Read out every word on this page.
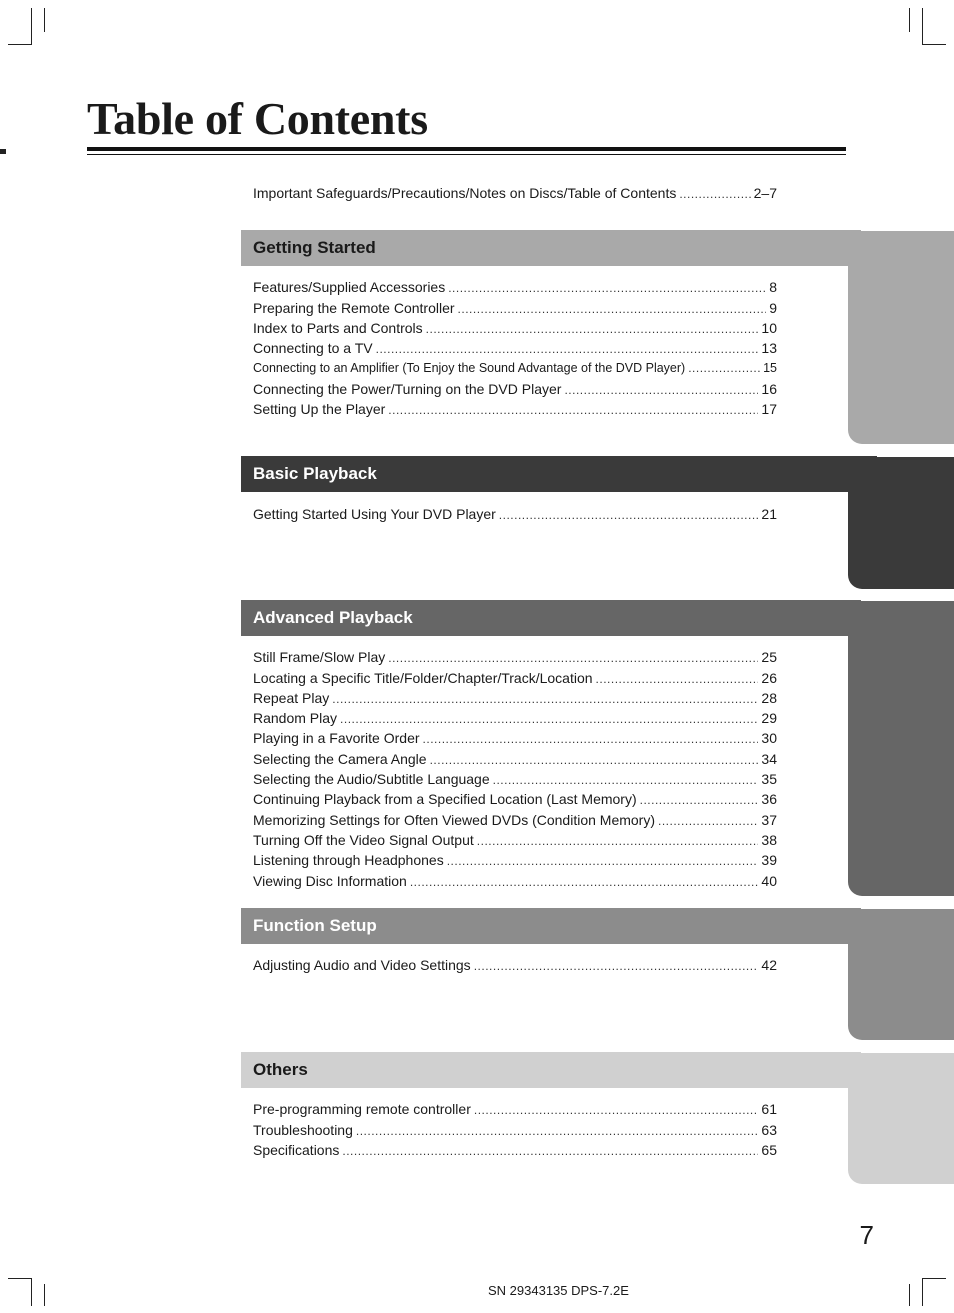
Table of Contents
Important Safeguards/Precautions/Notes on Discs/Table of Contents .....	2–7
Getting Started
Features/Supplied Accessories .....	8
Preparing the Remote Controller .....	9
Index to Parts and Controls .....	10
Connecting to a TV .....	13
Connecting to an Amplifier (To Enjoy the Sound Advantage of the DVD Player) .....	15
Connecting the Power/Turning on the DVD Player .....	16
Setting Up the Player .....	17
Basic Playback
Getting Started Using Your DVD Player .....	21
Advanced Playback
Still Frame/Slow Play .....	25
Locating a Specific Title/Folder/Chapter/Track/Location .....	26
Repeat Play .....	28
Random Play .....	29
Playing in a Favorite Order .....	30
Selecting the Camera Angle .....	34
Selecting the Audio/Subtitle Language .....	35
Continuing Playback from a Specified Location (Last Memory) .....	36
Memorizing Settings for Often Viewed DVDs (Condition Memory) .....	37
Turning Off the Video Signal Output .....	38
Listening through Headphones .....	39
Viewing Disc Information .....	40
Function Setup
Adjusting Audio and Video Settings .....	42
Others
Pre-programming remote controller .....	61
Troubleshooting .....	63
Specifications .....	65
7
SN 29343135 DPS-7.2E
